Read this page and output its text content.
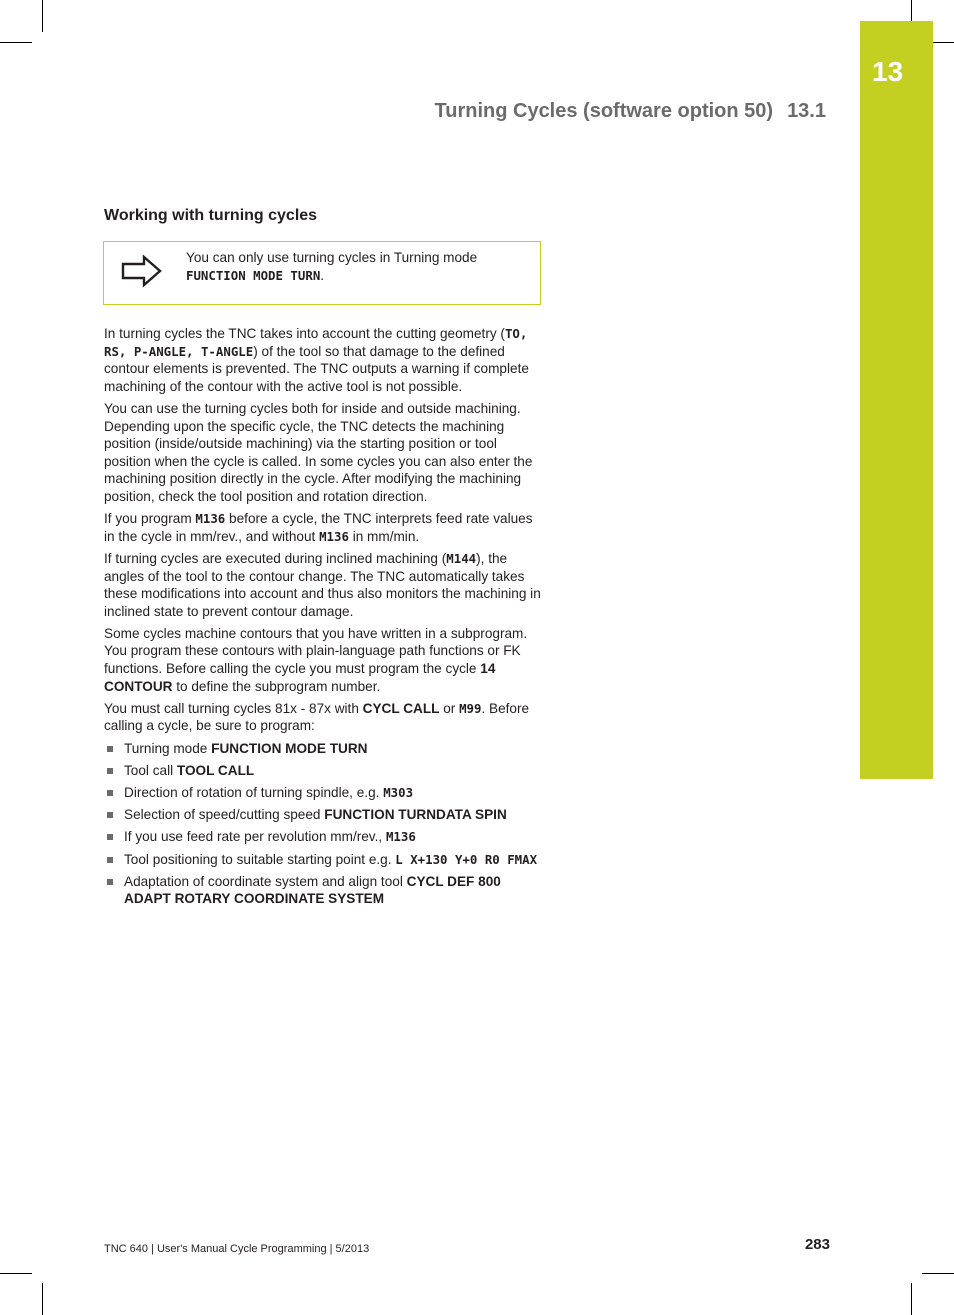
13
Turning Cycles (software option 50) 13.1
Working with turning cycles
You can only use turning cycles in Turning mode
FUNCTION MODE TURN.

In turning cycles the TNC takes into account the cutting geometry (TO, RS, P-ANGLE, T-ANGLE) of the tool so that damage to the defined contour elements is prevented. The TNC outputs a warning if complete machining of the contour with the active tool is not possible.

You can use the turning cycles both for inside and outside machining. Depending upon the specific cycle, the TNC detects the machining position (inside/outside machining) via the starting position or tool position when the cycle is called. In some cycles you can also enter the machining position directly in the cycle. After modifying the machining position, check the tool position and rotation direction.

If you program M136 before a cycle, the TNC interprets feed rate values in the cycle in mm/rev., and without M136 in mm/min.

If turning cycles are executed during inclined machining (M144), the angles of the tool to the contour change. The TNC automatically takes these modifications into account and thus also monitors the machining in inclined state to prevent contour damage.

Some cycles machine contours that you have written in a subprogram. You program these contours with plain-language path functions or FK functions. Before calling the cycle you must program the cycle 14 CONTOUR to define the subprogram number.

You must call turning cycles 81x - 87x with CYCL CALL or M99. Before calling a cycle, be sure to program:

Turning mode FUNCTION MODE TURN
Tool call TOOL CALL
Direction of rotation of turning spindle, e.g. M303
Selection of speed/cutting speed FUNCTION TURNDATA SPIN
If you use feed rate per revolution mm/rev., M136
Tool positioning to suitable starting point e.g. L X+130 Y+0 R0 FMAX
Adaptation of coordinate system and align tool CYCL DEF 800 ADAPT ROTARY COORDINATE SYSTEM
TNC 640 | User's Manual Cycle Programming | 5/2013	283
